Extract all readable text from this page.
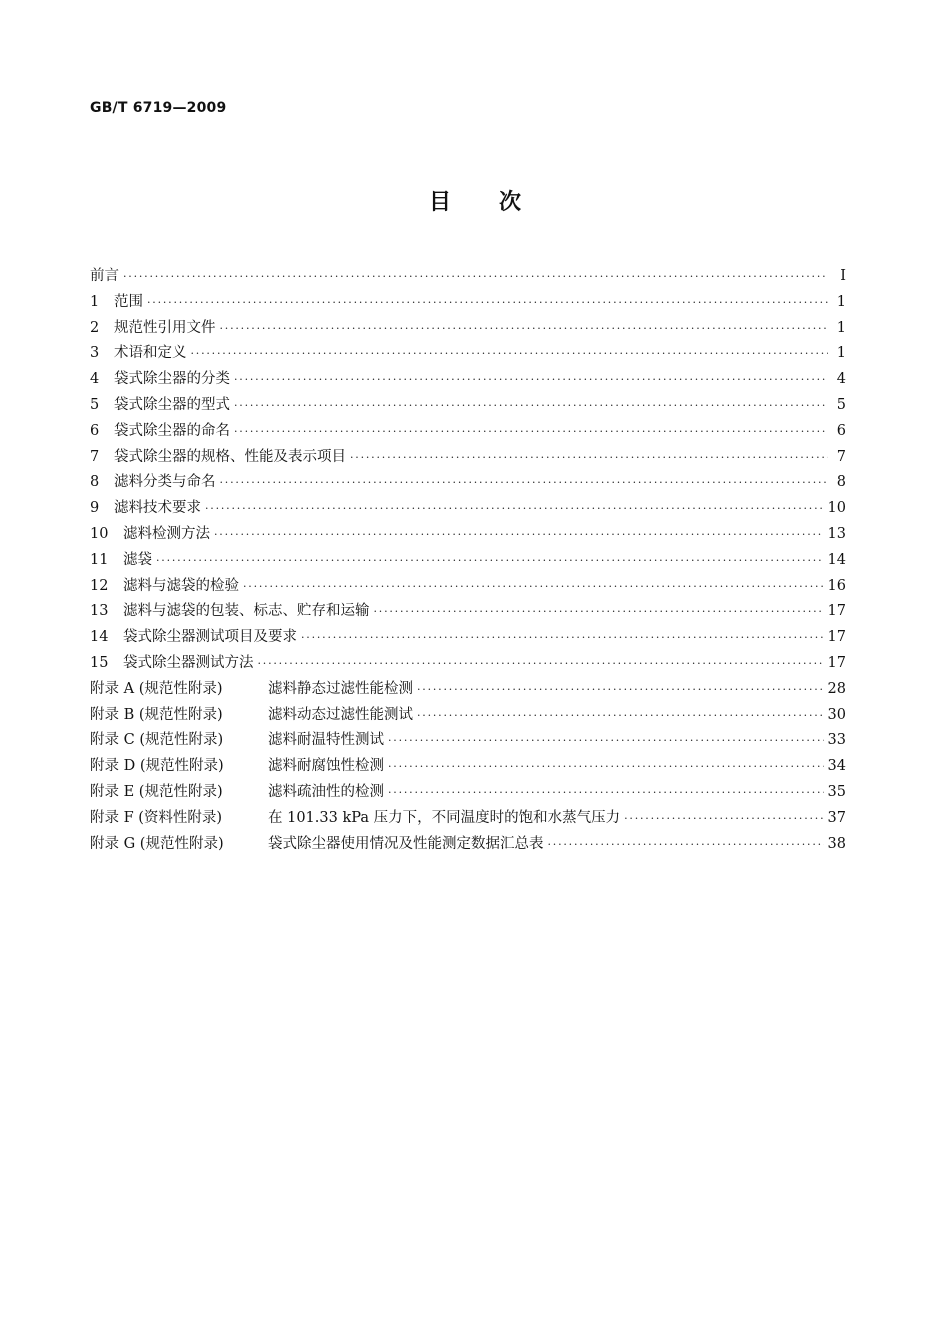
GB/T 6719—2009
目 次
前言 ·····	Ⅰ
1	范围 ·····	1
2	规范性引用文件 ·····	1
3	术语和定义 ·····	1
4	袋式除尘器的分类 ·····	4
5	袋式除尘器的型式 ·····	5
6	袋式除尘器的命名 ·····	6
7	袋式除尘器的规格、性能及表示项目 ·····	7
8	滤料分类与命名 ·····	8
9	滤料技术要求 ·····	10
10	滤料检测方法 ·····	13
11	滤袋 ·····	14
12	滤料与滤袋的检验 ·····	16
13	滤料与滤袋的包装、标志、贮存和运输 ·····	17
14	袋式除尘器测试项目及要求 ·····	17
15	袋式除尘器测试方法 ·····	17
附录 A (规范性附录)	滤料静态过滤性能检测 ·····	28
附录 B (规范性附录)	滤料动态过滤性能测试 ·····	30
附录 C (规范性附录)	滤料耐温特性测试 ·····	33
附录 D (规范性附录)	滤料耐腐蚀性检测 ·····	34
附录 E (规范性附录)	滤料疏油性的检测 ·····	35
附录 F (资料性附录)	在 101.33 kPa 压力下，不同温度时的饱和水蒸气压力 ·····	37
附录 G (规范性附录)	袋式除尘器使用情况及性能测定数据汇总表 ·····	38
